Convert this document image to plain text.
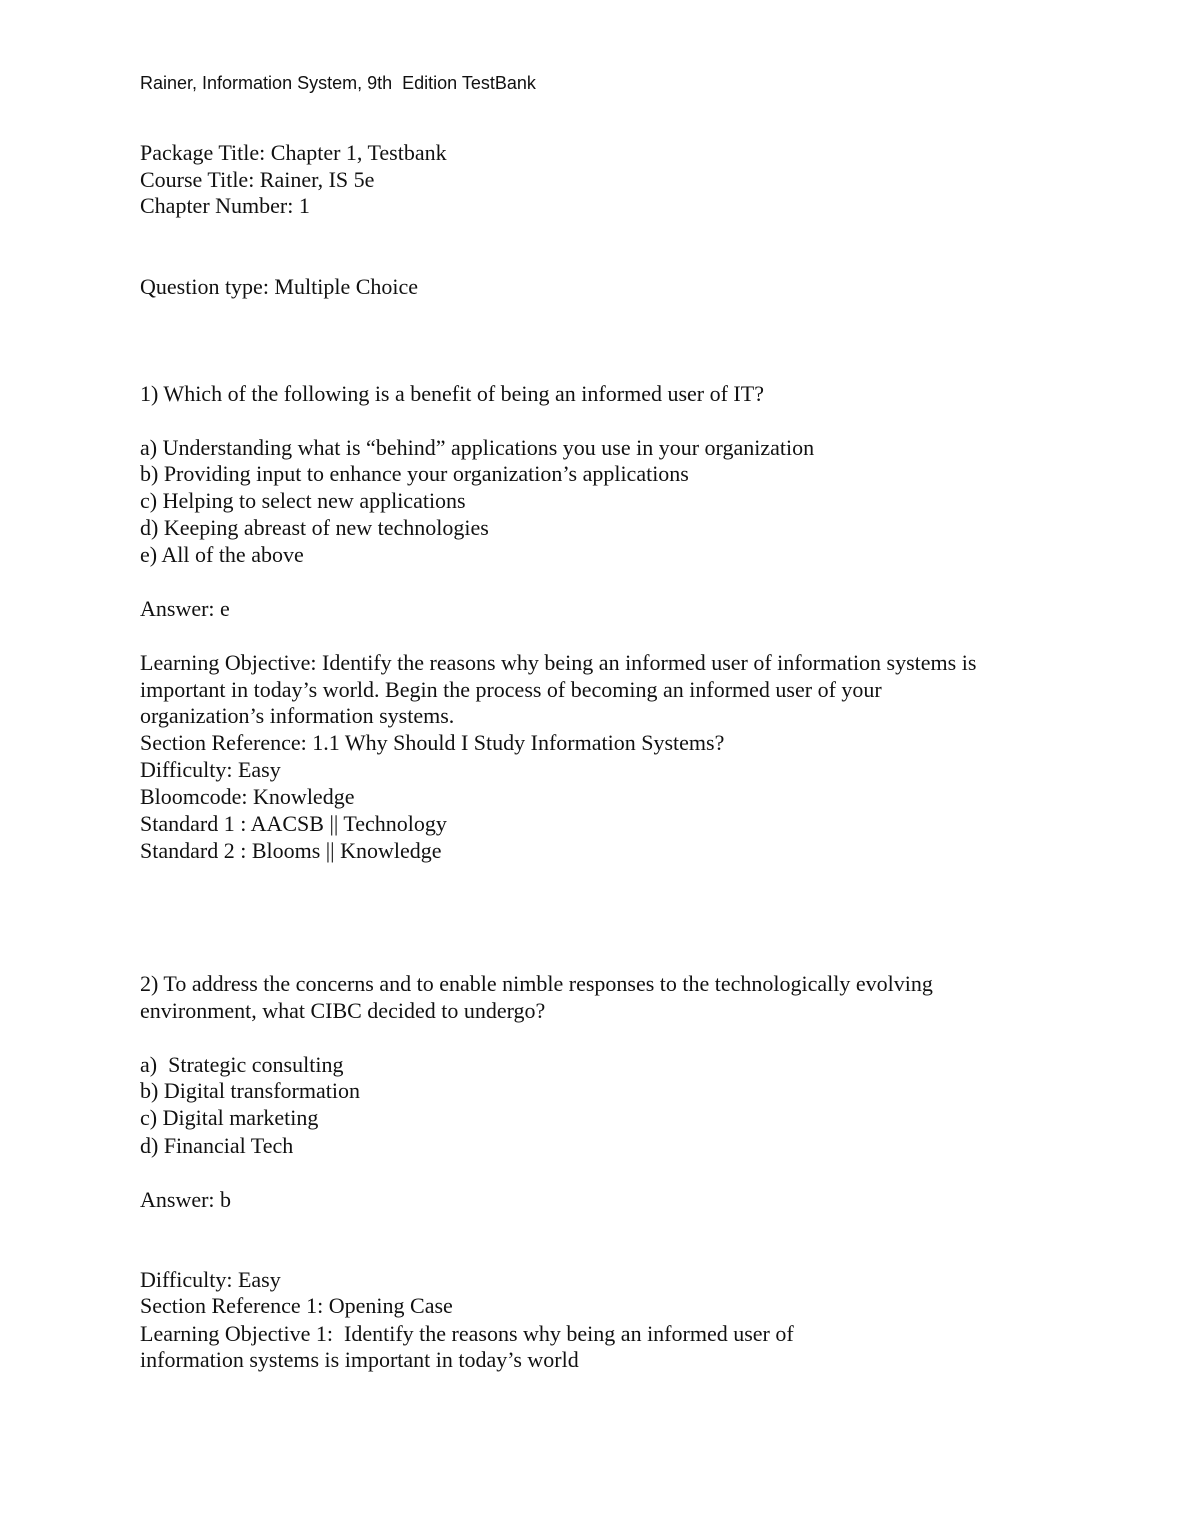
Rainer, Information System, 9th  Edition TestBank
Package Title: Chapter 1, Testbank
Course Title: Rainer, IS 5e
Chapter Number: 1
Question type: Multiple Choice
1) Which of the following is a benefit of being an informed user of IT?
a) Understanding what is “behind” applications you use in your organization
b) Providing input to enhance your organization’s applications
c) Helping to select new applications
d) Keeping abreast of new technologies
e) All of the above
Answer: e
Learning Objective: Identify the reasons why being an informed user of information systems is
important in today’s world. Begin the process of becoming an informed user of your
organization’s information systems.
Section Reference: 1.1 Why Should I Study Information Systems?
Difficulty: Easy
Bloomcode: Knowledge
Standard 1 : AACSB || Technology
Standard 2 : Blooms || Knowledge
2) To address the concerns and to enable nimble responses to the technologically evolving
environment, what CIBC decided to undergo?
a)  Strategic consulting
b) Digital transformation
c) Digital marketing
d) Financial Tech
Answer: b
Difficulty: Easy
Section Reference 1: Opening Case
Learning Objective 1:  Identify the reasons why being an informed user of
information systems is important in today’s world
